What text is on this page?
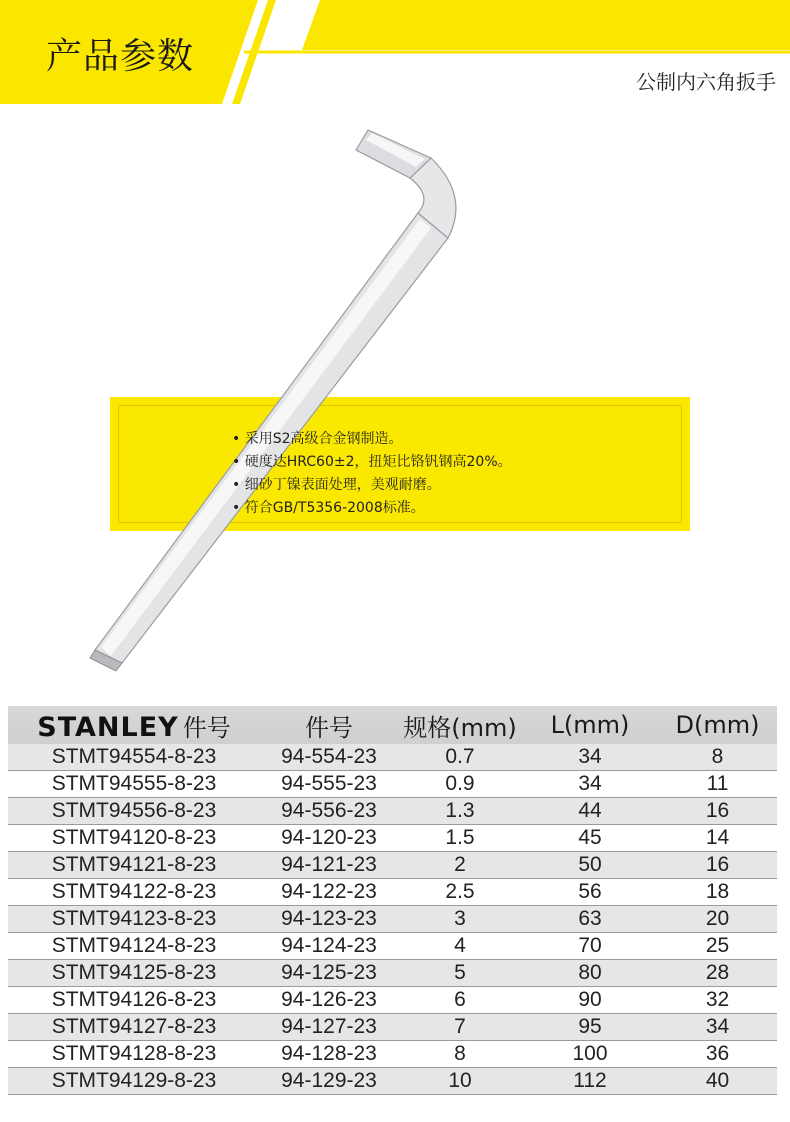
产品参数
公制内六角扳手
• 采用S2高级合金钢制造。
• 硬度达HRC60±2，扭矩比铬钒钢高20%。
• 细砂丁镍表面处理，美观耐磨。
• 符合GB/T5356-2008标准。
STANLEY 件号	件号	规格(mm)	L(mm)	D(mm)
STMT94554-8-23	94-554-23	0.7	34	8
STMT94555-8-23	94-555-23	0.9	34	11
STMT94556-8-23	94-556-23	1.3	44	16
STMT94120-8-23	94-120-23	1.5	45	14
STMT94121-8-23	94-121-23	2	50	16
STMT94122-8-23	94-122-23	2.5	56	18
STMT94123-8-23	94-123-23	3	63	20
STMT94124-8-23	94-124-23	4	70	25
STMT94125-8-23	94-125-23	5	80	28
STMT94126-8-23	94-126-23	6	90	32
STMT94127-8-23	94-127-23	7	95	34
STMT94128-8-23	94-128-23	8	100	36
STMT94129-8-23	94-129-23	10	112	40
